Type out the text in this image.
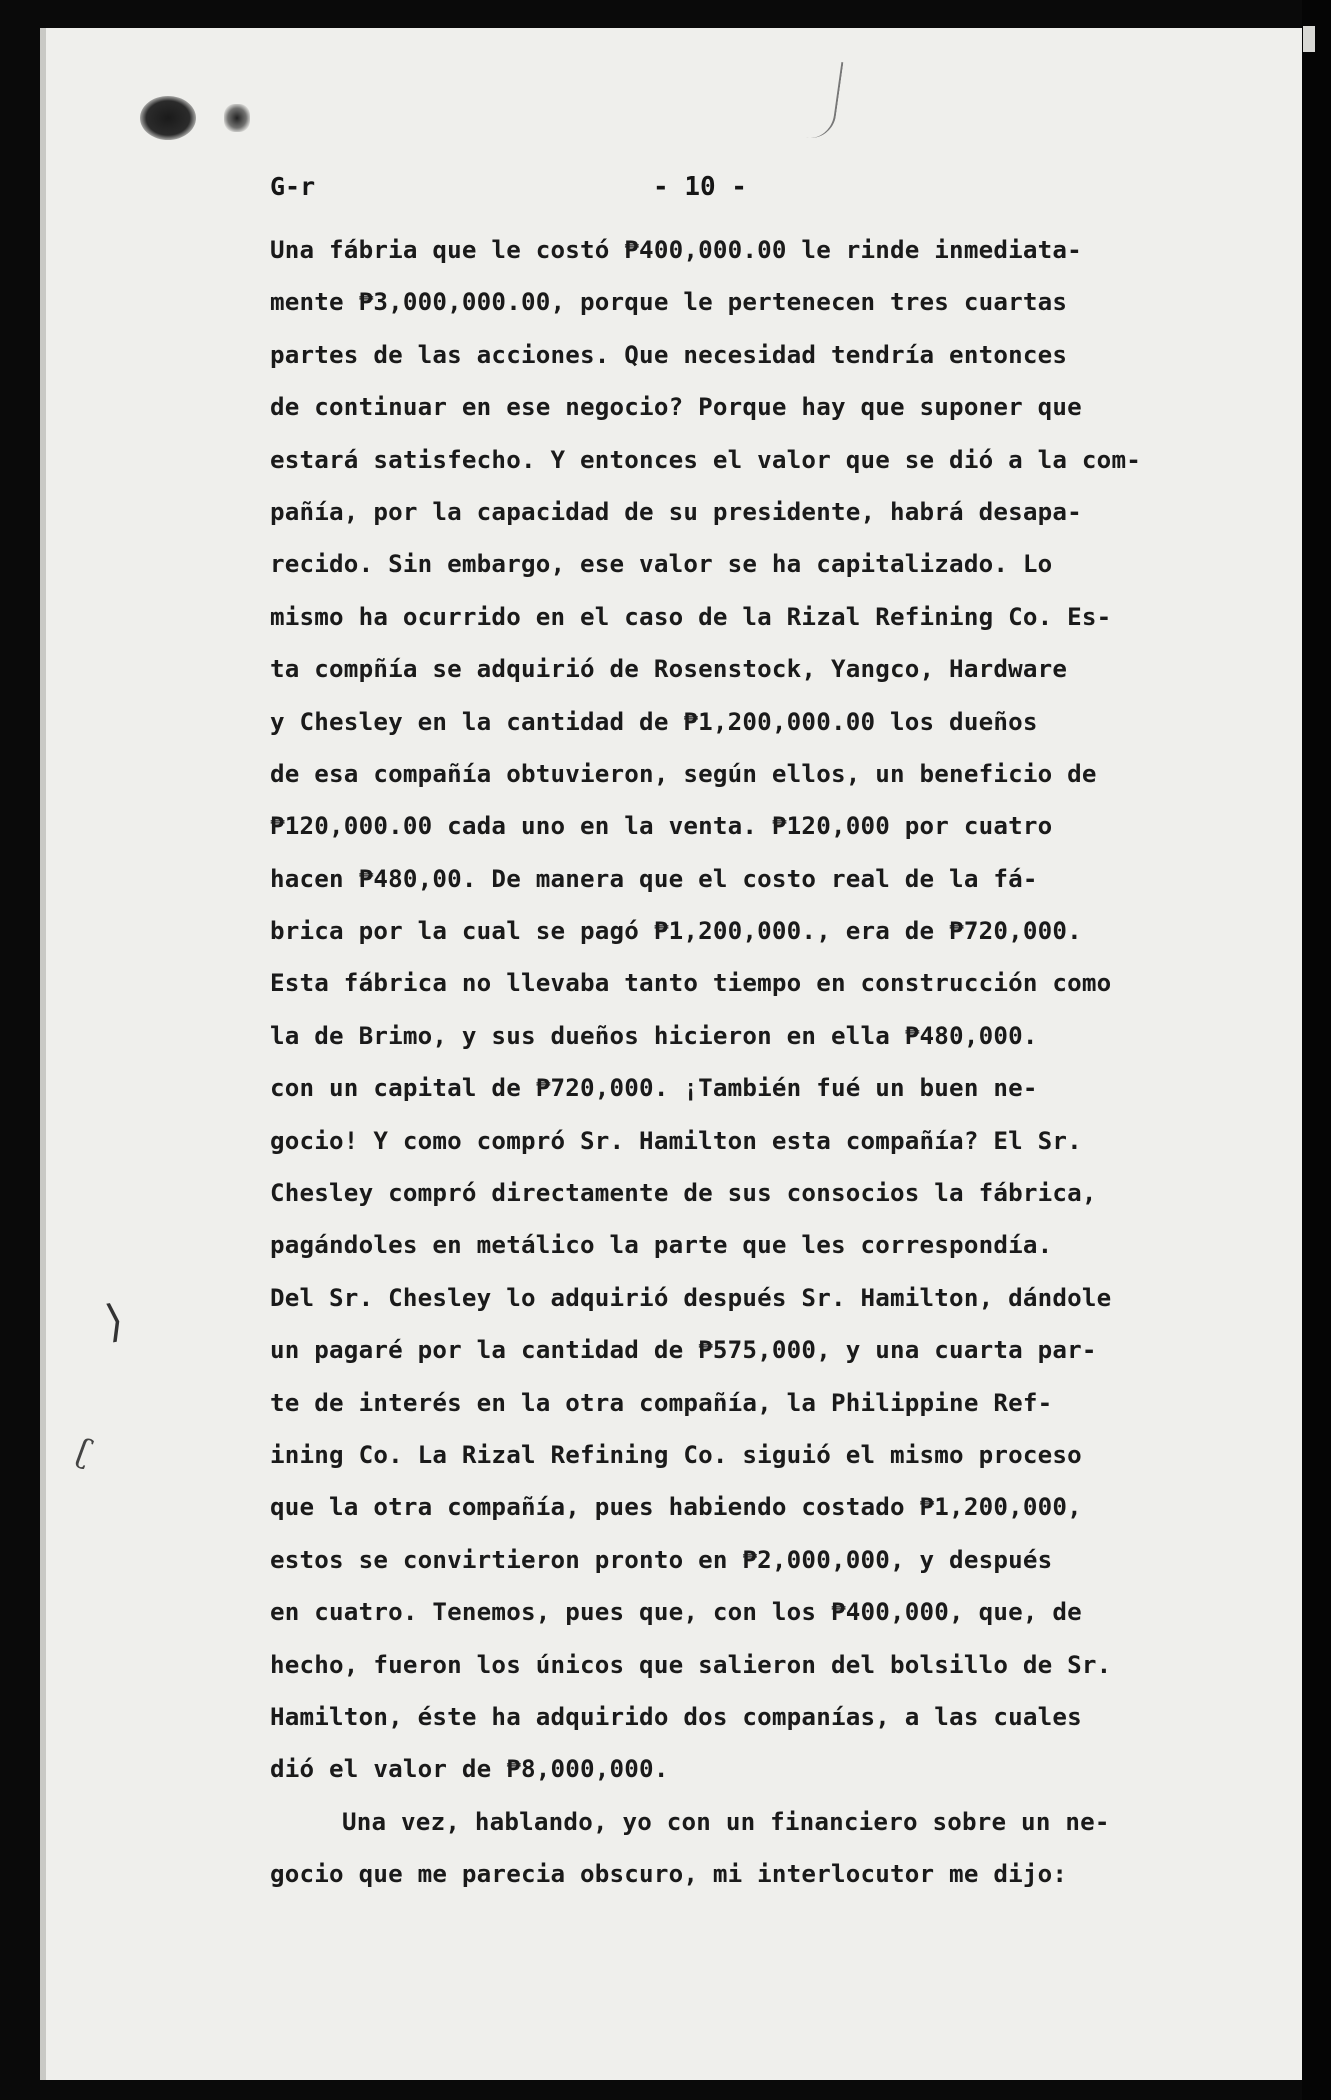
⟩
ʗ
G-r	- 10 -
Una fábria que le costó ₱400,000.00 le rinde inmediata-
mente ₱3,000,000.00, porque le pertenecen tres cuartas
partes de las acciones. Que necesidad tendría entonces
de continuar en ese negocio? Porque hay que suponer que
estará satisfecho. Y entonces el valor que se dió a la com-
pañía, por la capacidad de su presidente, habrá desapa-
recido. Sin embargo, ese valor se ha capitalizado. Lo
mismo ha ocurrido en el caso de la Rizal Refining Co. Es-
ta compñía se adquirió de Rosenstock, Yangco, Hardware
y Chesley en la cantidad de ₱1,200,000.00 los dueños
de esa compañía obtuvieron, según ellos, un beneficio de
₱120,000.00 cada uno en la venta. ₱120,000 por cuatro
hacen ₱480,00. De manera que el costo real de la fá-
brica por la cual se pagó ₱1,200,000., era de ₱720,000.
Esta fábrica no llevaba tanto tiempo en construcción como
la de Brimo, y sus dueños hicieron en ella ₱480,000.
con un capital de ₱720,000. ¡También fué un buen ne-
gocio! Y como compró Sr. Hamilton esta compañía? El Sr.
Chesley compró directamente de sus consocios la fábrica,
pagándoles en metálico la parte que les correspondía.
Del Sr. Chesley lo adquirió después Sr. Hamilton, dándole
un pagaré por la cantidad de ₱575,000, y una cuarta par-
te de interés en la otra compañía, la Philippine Ref-
ining Co. La Rizal Refining Co. siguió el mismo proceso
que la otra compañía, pues habiendo costado ₱1,200,000,
estos se convirtieron pronto en ₱2,000,000, y después
en cuatro. Tenemos, pues que, con los ₱400,000, que, de
hecho, fueron los únicos que salieron del bolsillo de Sr.
Hamilton, éste ha adquirido dos companías, a las cuales
dió el valor de ₱8,000,000.
Una vez, hablando, yo con un financiero sobre un ne-
gocio que me parecia obscuro, mi interlocutor me dijo:
